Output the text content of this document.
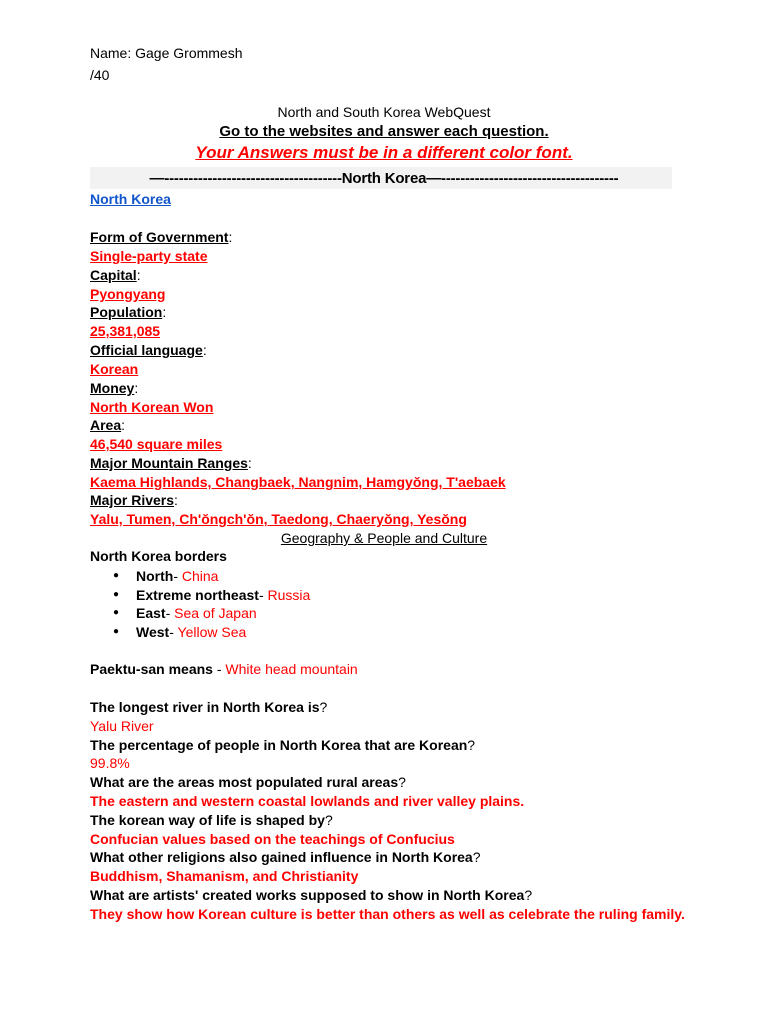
Name: Gage Grommesh
/40
North and South Korea WebQuest
Go to the websites and answer each question.
Your Answers must be in a different color font.
—-------------------------------------North Korea—-------------------------------------
North Korea
Form of Government:
Single-party state
Capital:
Pyongyang
Population:
25,381,085
Official language:
Korean
Money:
North Korean Won
Area:
46,540 square miles
Major Mountain Ranges:
Kaema Highlands, Changbaek, Nangnim, Hamgyŏng, T'aebaek
Major Rivers:
Yalu, Tumen, Ch'ŏngch'ŏn, Taedong, Chaeryŏng, Yesŏng
Geography & People and Culture
North Korea borders
● North- China
● Extreme northeast- Russia
● East- Sea of Japan
● West- Yellow Sea
Paektu-san means - White head mountain
The longest river in North Korea is?
Yalu River
The percentage of people in North Korea that are Korean?
99.8%
What are the areas most populated rural areas?
The eastern and western coastal lowlands and river valley plains.
The korean way of life is shaped by?
Confucian values based on the teachings of Confucius
What other religions also gained influence in North Korea?
Buddhism, Shamanism, and Christianity
What are artists' created works supposed to show in North Korea?
They show how Korean culture is better than others as well as celebrate the ruling family.
